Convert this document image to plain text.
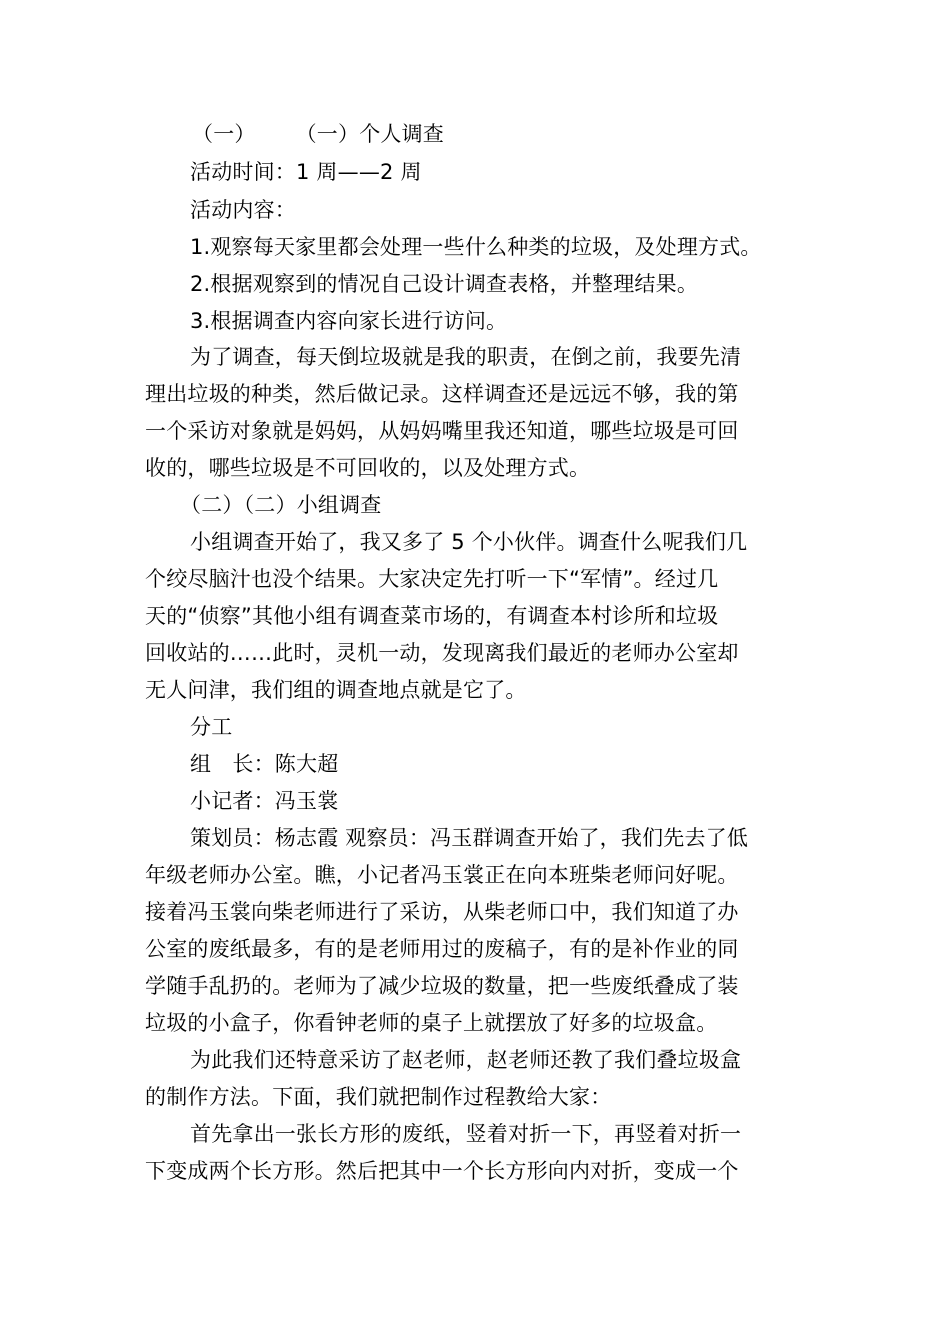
（一） （一）个人调查
活动时间：1 周——2 周
活动内容：
1.观察每天家里都会处理一些什么种类的垃圾，及处理方式。
2.根据观察到的情况自己设计调查表格，并整理结果。
3.根据调查内容向家长进行访问。
为了调查，每天倒垃圾就是我的职责，在倒之前，我要先清
理出垃圾的种类，然后做记录。这样调查还是远远不够，我的第
一个采访对象就是妈妈，从妈妈嘴里我还知道，哪些垃圾是可回
收的，哪些垃圾是不可回收的，以及处理方式。
（二）（二）小组调查
小组调查开始了，我又多了 5 个小伙伴。调查什么呢我们几
个绞尽脑汁也没个结果。大家决定先打听一下“军情”。经过几
天的“侦察”其他小组有调查菜市场的，有调查本村诊所和垃圾
回收站的……此时，灵机一动，发现离我们最近的老师办公室却
无人问津，我们组的调查地点就是它了。
分工
组　长：陈大超
小记者：冯玉裳
策划员：杨志霞 观察员：冯玉群调查开始了，我们先去了低
年级老师办公室。瞧，小记者冯玉裳正在向本班柴老师问好呢。
接着冯玉裳向柴老师进行了采访，从柴老师口中，我们知道了办
公室的废纸最多，有的是老师用过的废稿子，有的是补作业的同
学随手乱扔的。老师为了减少垃圾的数量，把一些废纸叠成了装
垃圾的小盒子，你看钟老师的桌子上就摆放了好多的垃圾盒。
为此我们还特意采访了赵老师，赵老师还教了我们叠垃圾盒
的制作方法。下面，我们就把制作过程教给大家：
首先拿出一张长方形的废纸，竖着对折一下，再竖着对折一
下变成两个长方形。然后把其中一个长方形向内对折，变成一个
